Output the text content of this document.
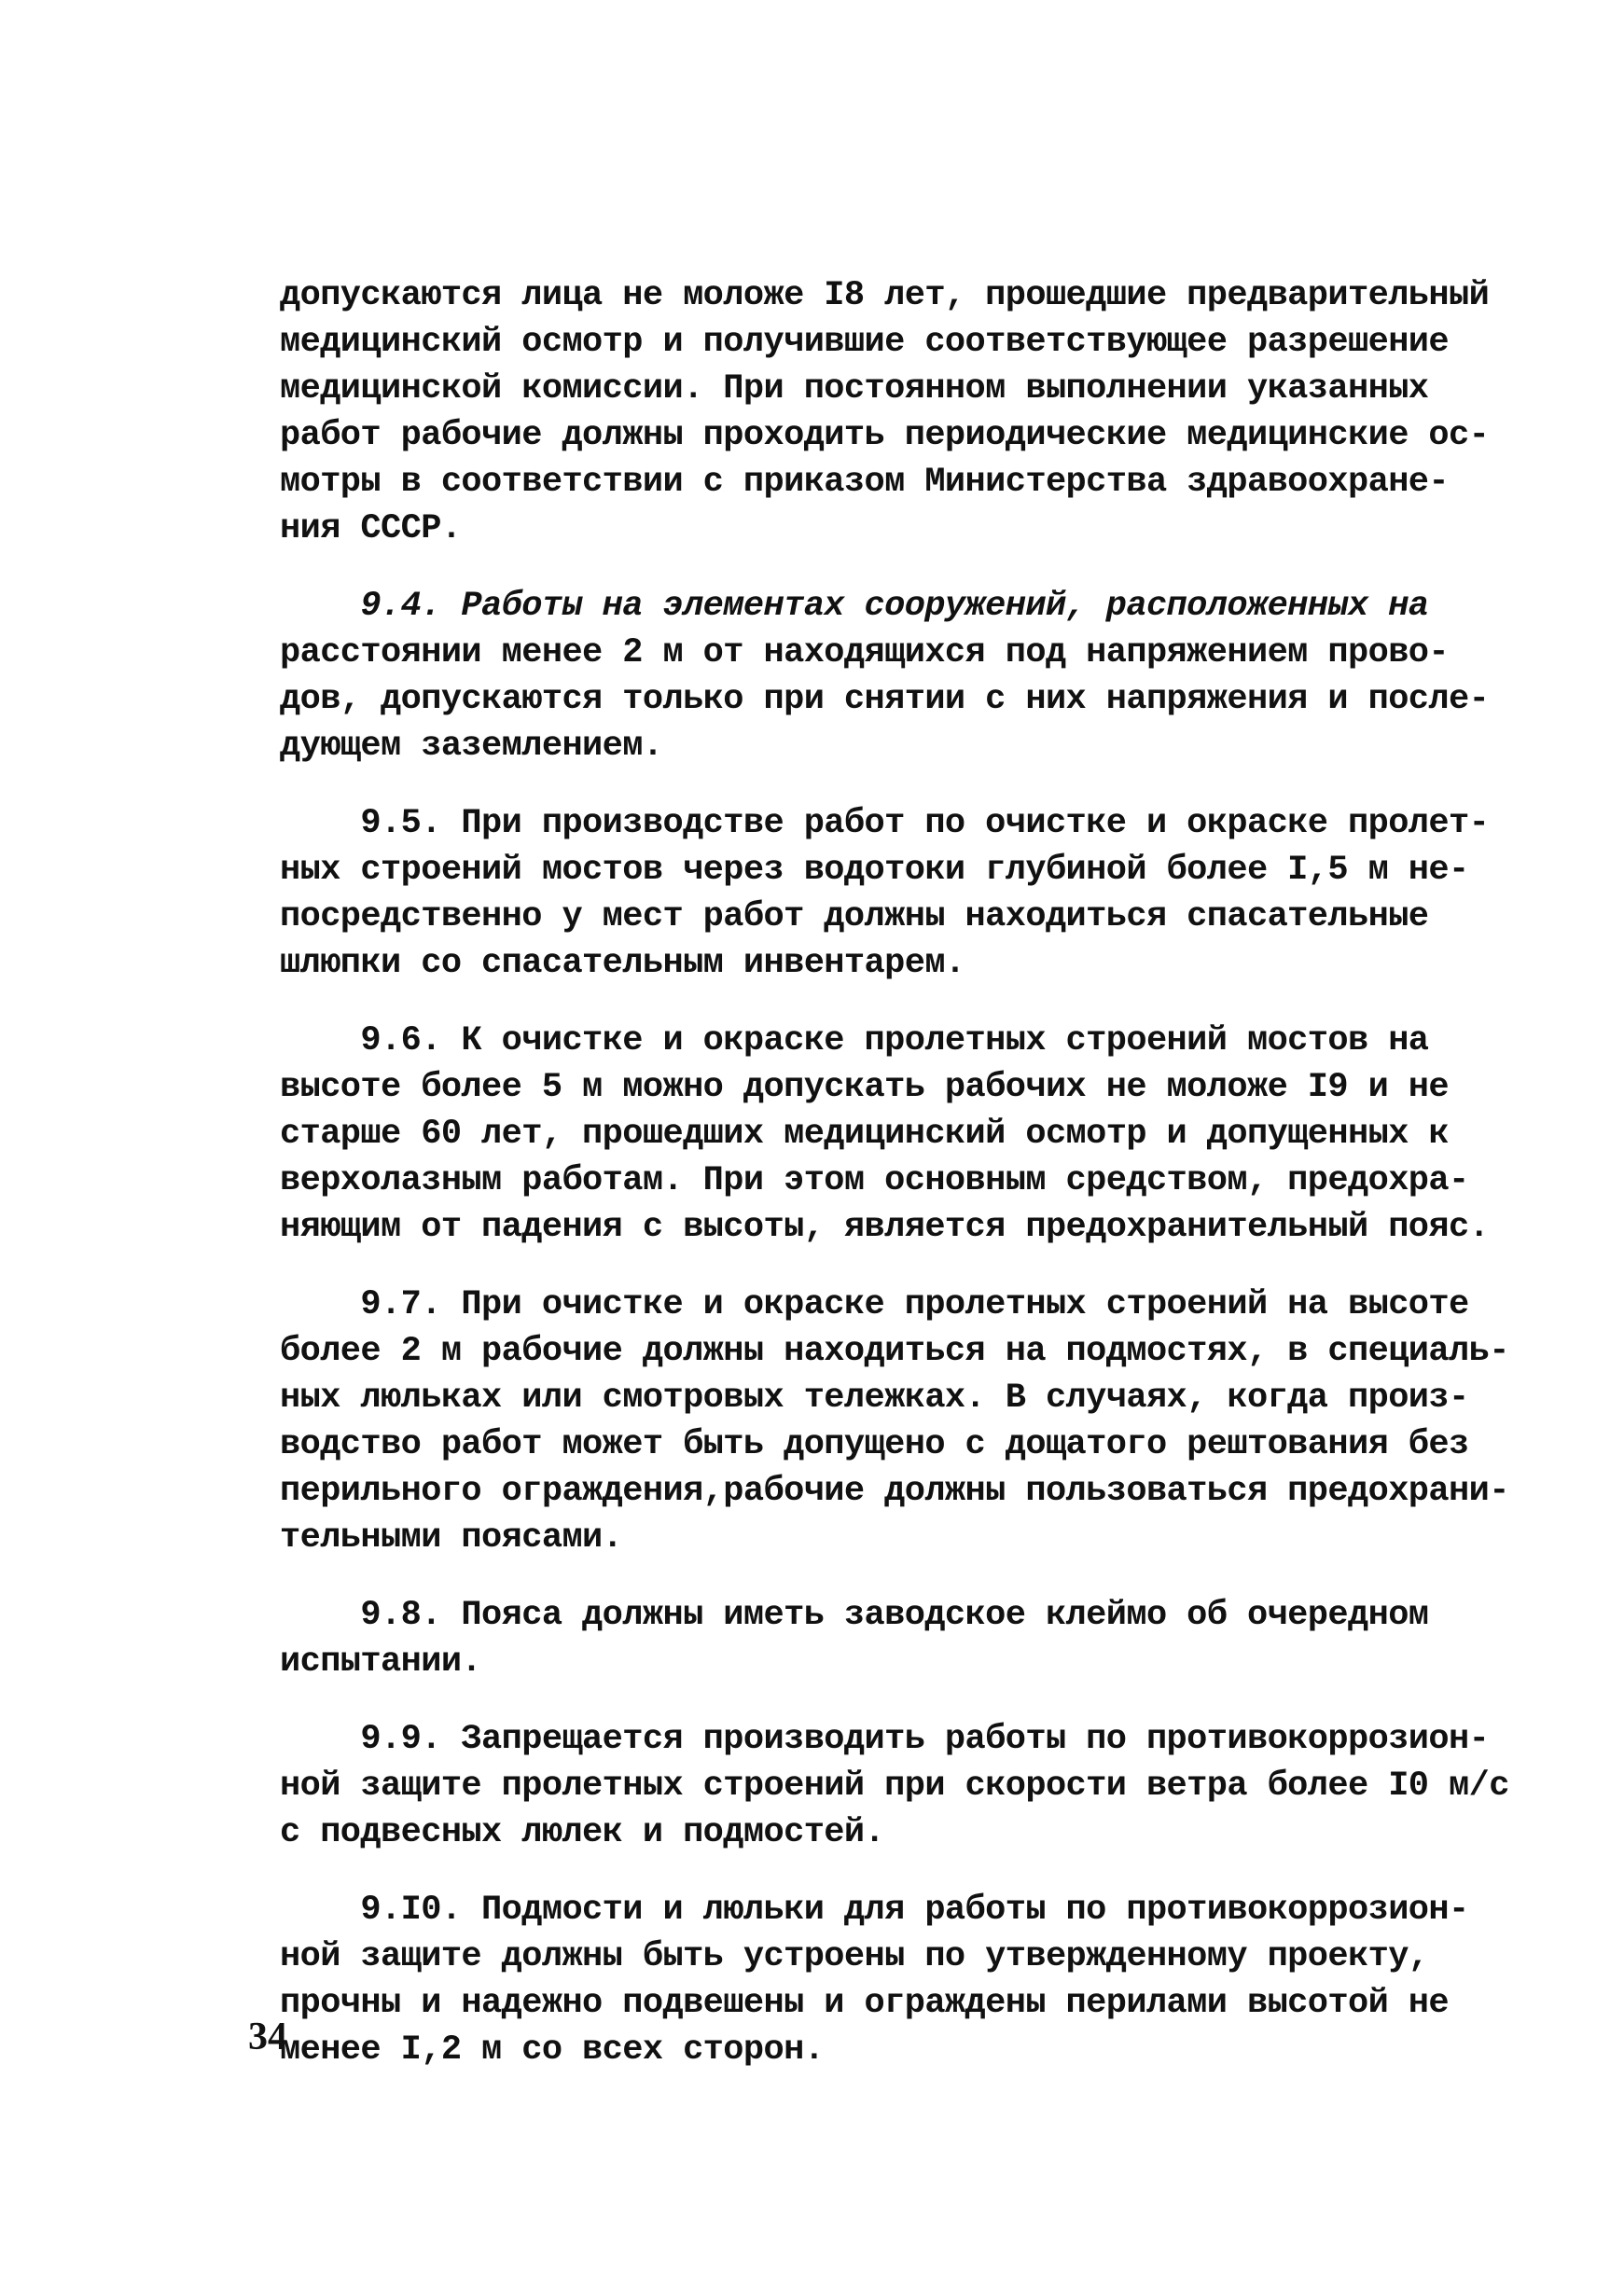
допускаются лица не моложе I8 лет, прошедшие предварительный
медицинский осмотр и получившие соответствующее разрешение
медицинской комиссии. При постоянном выполнении указанных
работ рабочие должны проходить периодические медицинские ос-
мотры в соответствии с приказом Министерства здравоохране-
ния СССР.
9.4. Работы на элементах сооружений, расположенных на
расстоянии менее 2 м от находящихся под напряжением прово-
дов, допускаются только при снятии с них напряжения и после-
дующем заземлением.
9.5. При производстве работ по очистке и окраске пролет-
ных строений мостов через водотоки глубиной более I,5 м не-
посредственно у мест работ должны находиться спасательные
шлюпки со спасательным инвентарем.
9.6. К очистке и окраске пролетных строений мостов на
высоте более 5 м можно допускать рабочих не моложе I9 и не
старше 60 лет, прошедших медицинский осмотр и допущенных к
верхолазным работам. При этом основным средством, предохра-
няющим от падения с высоты, является предохранительный пояс.
9.7. При очистке и окраске пролетных строений на высоте
более 2 м рабочие должны находиться на подмостях, в специаль-
ных люльках или смотровых тележках. В случаях, когда произ-
водство работ может быть допущено с дощатого рештования без
перильного ограждения,рабочие должны пользоваться предохрани-
тельными поясами.
9.8. Пояса должны иметь заводское клеймо об очередном
испытании.
9.9. Запрещается производить работы по противокоррозион-
ной защите пролетных строений при скорости ветра более I0 м/с
с подвесных люлек и подмостей.
9.I0. Подмости и люльки для работы по противокоррозион-
ной защите должны быть устроены по утвержденному проекту,
прочны и надежно подвешены и ограждены перилами высотой не
менее I,2 м со всех сторон.
34
